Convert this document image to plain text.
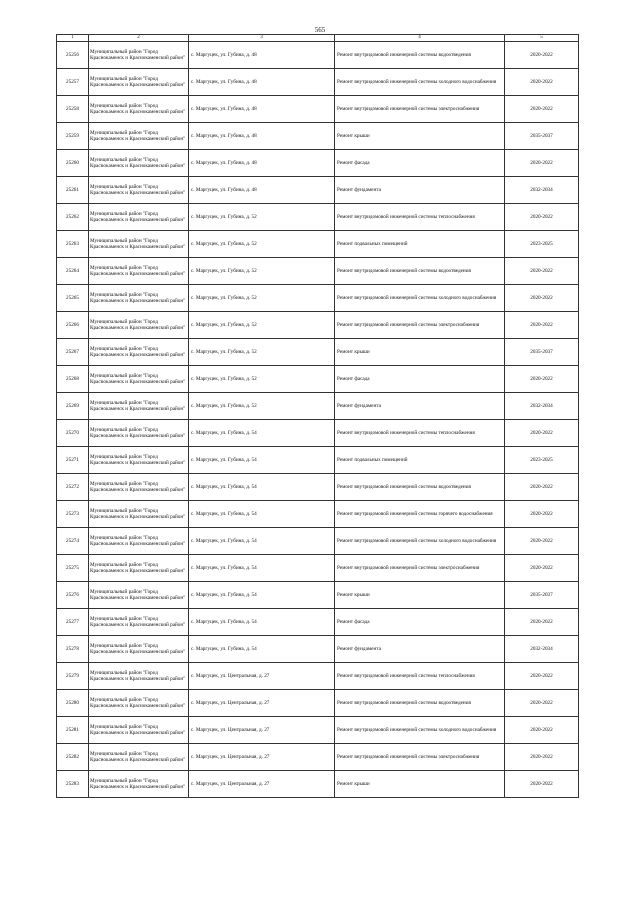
565
1	2	3	4	5
25256	Муниципальный район "Город Краснокаменск и Краснокаменский район"	с. Маргуцек, ул. Губина, д. 48	Ремонт внутридомовой инженерной системы водоотведения	2020-2022
25257	Муниципальный район "Город Краснокаменск и Краснокаменский район"	с. Маргуцек, ул. Губина, д. 48	Ремонт внутридомовой инженерной системы холодного водоснабжения	2020-2022
25258	Муниципальный район "Город Краснокаменск и Краснокаменский район"	с. Маргуцек, ул. Губина, д. 48	Ремонт внутридомовой инженерной системы электроснабжения	2020-2022
25259	Муниципальный район "Город Краснокаменск и Краснокаменский район"	с. Маргуцек, ул. Губина, д. 48	Ремонт крыши	2035-2037
25260	Муниципальный район "Город Краснокаменск и Краснокаменский район"	с. Маргуцек, ул. Губина, д. 48	Ремонт фасада	2020-2022
25261	Муниципальный район "Город Краснокаменск и Краснокаменский район"	с. Маргуцек, ул. Губина, д. 48	Ремонт фундамента	2032-2034
25262	Муниципальный район "Город Краснокаменск и Краснокаменский район"	с. Маргуцек, ул. Губина, д. 52	Ремонт внутридомовой инженерной системы теплоснабжения	2020-2022
25263	Муниципальный район "Город Краснокаменск и Краснокаменский район"	с. Маргуцек, ул. Губина, д. 52	Ремонт подвальных помещений	2023-2025
25264	Муниципальный район "Город Краснокаменск и Краснокаменский район"	с. Маргуцек, ул. Губина, д. 52	Ремонт внутридомовой инженерной системы водоотведения	2020-2022
25265	Муниципальный район "Город Краснокаменск и Краснокаменский район"	с. Маргуцек, ул. Губина, д. 52	Ремонт внутридомовой инженерной системы холодного водоснабжения	2020-2022
25266	Муниципальный район "Город Краснокаменск и Краснокаменский район"	с. Маргуцек, ул. Губина, д. 52	Ремонт внутридомовой инженерной системы электроснабжения	2020-2022
25267	Муниципальный район "Город Краснокаменск и Краснокаменский район"	с. Маргуцек, ул. Губина, д. 52	Ремонт крыши	2035-2037
25268	Муниципальный район "Город Краснокаменск и Краснокаменский район"	с. Маргуцек, ул. Губина, д. 52	Ремонт фасада	2020-2022
25269	Муниципальный район "Город Краснокаменск и Краснокаменский район"	с. Маргуцек, ул. Губина, д. 52	Ремонт фундамента	2032-2034
25270	Муниципальный район "Город Краснокаменск и Краснокаменский район"	с. Маргуцек, ул. Губина, д. 54	Ремонт внутридомовой инженерной системы теплоснабжения	2020-2022
25271	Муниципальный район "Город Краснокаменск и Краснокаменский район"	с. Маргуцек, ул. Губина, д. 54	Ремонт подвальных помещений	2023-2025
25272	Муниципальный район "Город Краснокаменск и Краснокаменский район"	с. Маргуцек, ул. Губина, д. 54	Ремонт внутридомовой инженерной системы водоотведения	2020-2022
25273	Муниципальный район "Город Краснокаменск и Краснокаменский район"	с. Маргуцек, ул. Губина, д. 54	Ремонт внутридомовой инженерной системы горячего водоснабжения	2020-2022
25274	Муниципальный район "Город Краснокаменск и Краснокаменский район"	с. Маргуцек, ул. Губина, д. 54	Ремонт внутридомовой инженерной системы холодного водоснабжения	2020-2022
25275	Муниципальный район "Город Краснокаменск и Краснокаменский район"	с. Маргуцек, ул. Губина, д. 54	Ремонт внутридомовой инженерной системы электроснабжения	2020-2022
25276	Муниципальный район "Город Краснокаменск и Краснокаменский район"	с. Маргуцек, ул. Губина, д. 54	Ремонт крыши	2035-2037
25277	Муниципальный район "Город Краснокаменск и Краснокаменский район"	с. Маргуцек, ул. Губина, д. 54	Ремонт фасада	2020-2022
25278	Муниципальный район "Город Краснокаменск и Краснокаменский район"	с. Маргуцек, ул. Губина, д. 54	Ремонт фундамента	2032-2034
25279	Муниципальный район "Город Краснокаменск и Краснокаменский район"	с. Маргуцек, ул. Центральная, д. 27	Ремонт внутридомовой инженерной системы теплоснабжения	2020-2022
25280	Муниципальный район "Город Краснокаменск и Краснокаменский район"	с. Маргуцек, ул. Центральная, д. 27	Ремонт внутридомовой инженерной системы водоотведения	2020-2022
25281	Муниципальный район "Город Краснокаменск и Краснокаменский район"	с. Маргуцек, ул. Центральная, д. 27	Ремонт внутридомовой инженерной системы холодного водоснабжения	2020-2022
25282	Муниципальный район "Город Краснокаменск и Краснокаменский район"	с. Маргуцек, ул. Центральная, д. 27	Ремонт внутридомовой инженерной системы электроснабжения	2020-2022
25283	Муниципальный район "Город Краснокаменск и Краснокаменский район"	с. Маргуцек, ул. Центральная, д. 27	Ремонт крыши	2020-2022
